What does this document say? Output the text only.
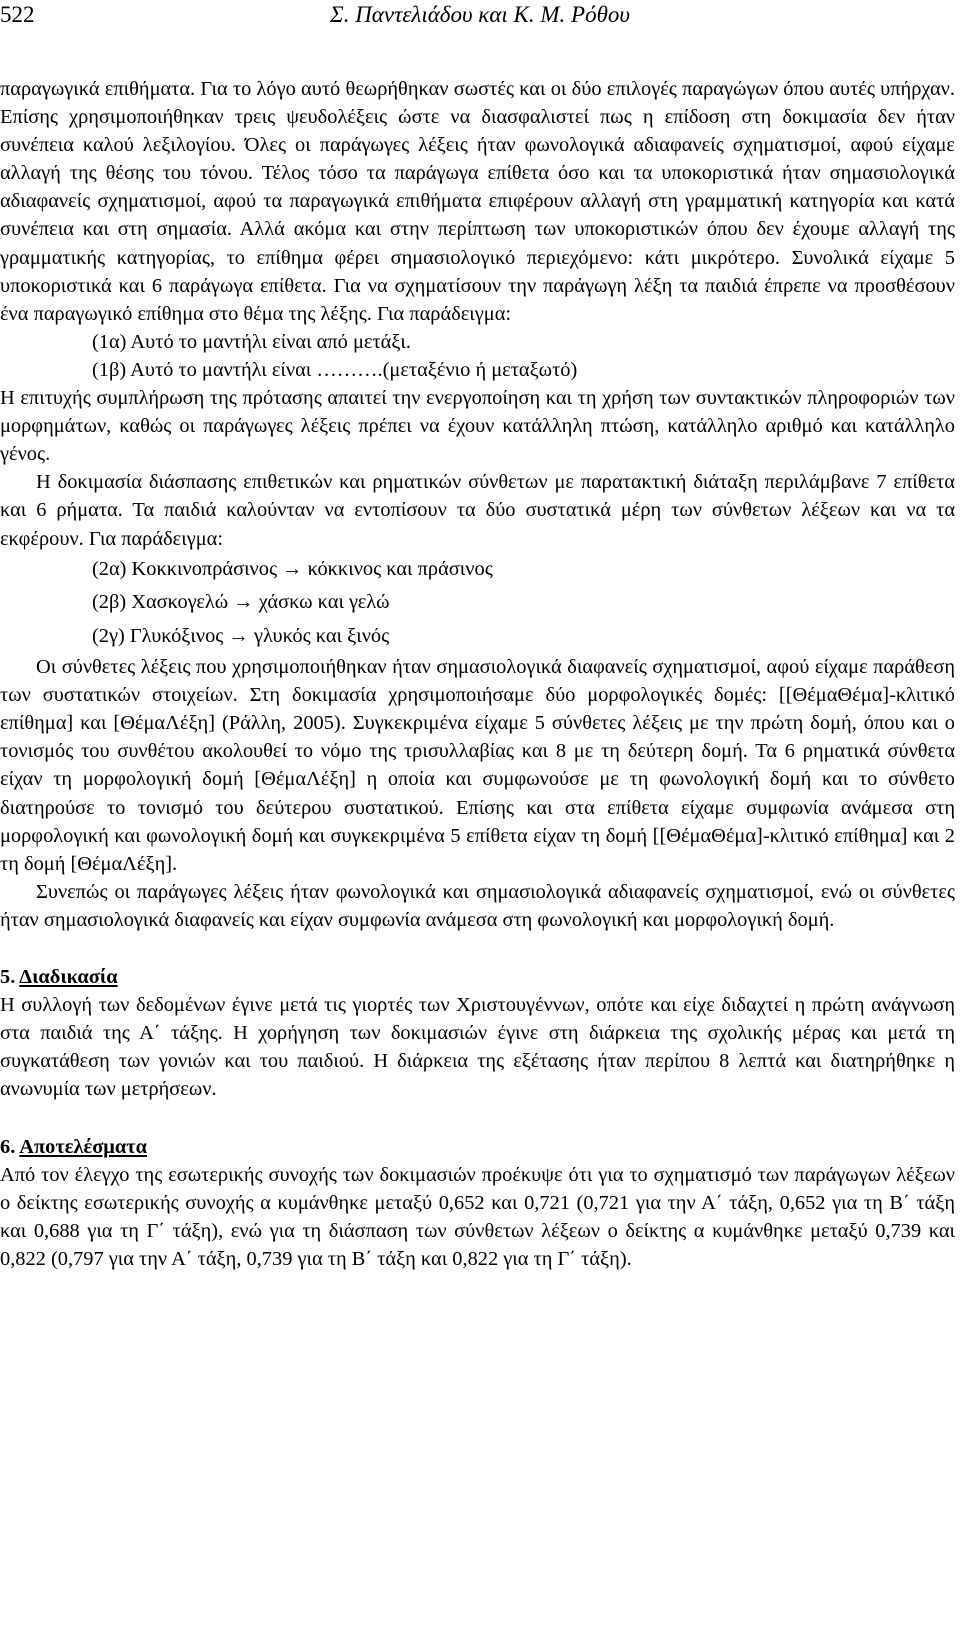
522	Σ. Παντελιάδου και Κ. Μ. Ρόθου

παραγωγικά επιθήματα. Για το λόγο αυτό θεωρήθηκαν σωστές και οι δύο επιλογές παραγώγων όπου αυτές υπήρχαν. Επίσης χρησιμοποιήθηκαν τρεις ψευδολέξεις ώστε να διασφαλιστεί πως η επίδοση στη δοκιμασία δεν ήταν συνέπεια καλού λεξιλογίου. Όλες οι παράγωγες λέξεις ήταν φωνολογικά αδιαφανείς σχηματισμοί, αφού είχαμε αλλαγή της θέσης του τόνου. Τέλος τόσο τα παράγωγα επίθετα όσο και τα υποκοριστικά ήταν σημασιολογικά αδιαφανείς σχηματισμοί, αφού τα παραγωγικά επιθήματα επιφέρουν αλλαγή στη γραμματική κατηγορία και κατά συνέπεια και στη σημασία. Αλλά ακόμα και στην περίπτωση των υποκοριστικών όπου δεν έχουμε αλλαγή της γραμματικής κατηγορίας, το επίθημα φέρει σημασιολογικό περιεχόμενο: κάτι μικρότερο. Συνολικά είχαμε 5 υποκοριστικά και 6 παράγωγα επίθετα. Για να σχηματίσουν την παράγωγη λέξη τα παιδιά έπρεπε να προσθέσουν ένα παραγωγικό επίθημα στο θέμα της λέξης. Για παράδειγμα:

(1α) Αυτό το μαντήλι είναι από μετάξι.

(1β) Αυτό το μαντήλι είναι ……….(μεταξένιο ή μεταξωτό)

Η επιτυχής συμπλήρωση της πρότασης απαιτεί την ενεργοποίηση και τη χρήση των συντακτικών πληροφοριών των μορφημάτων, καθώς οι παράγωγες λέξεις πρέπει να έχουν κατάλληλη πτώση, κατάλληλο αριθμό και κατάλληλο γένος.

Η δοκιμασία διάσπασης επιθετικών και ρηματικών σύνθετων με παρατακτική διάταξη περιλάμβανε 7 επίθετα και 6 ρήματα. Τα παιδιά καλούνταν να εντοπίσουν τα δύο συστατικά μέρη των σύνθετων λέξεων και να τα εκφέρουν. Για παράδειγμα:

(2α) Κοκκινοπράσινος → κόκκινος και πράσινος

(2β) Χασκογελώ → χάσκω και γελώ

(2γ) Γλυκόξινος → γλυκός και ξινός

Οι σύνθετες λέξεις που χρησιμοποιήθηκαν ήταν σημασιολογικά διαφανείς σχηματισμοί, αφού είχαμε παράθεση των συστατικών στοιχείων. Στη δοκιμασία χρησιμοποιήσαμε δύο μορφολογικές δομές: [[ΘέμαΘέμα]-κλιτικό επίθημα] και [ΘέμαΛέξη] (Ράλλη, 2005). Συγκεκριμένα είχαμε 5 σύνθετες λέξεις με την πρώτη δομή, όπου και ο τονισμός του συνθέτου ακολουθεί το νόμο της τρισυλλαβίας και 8 με τη δεύτερη δομή. Τα 6 ρηματικά σύνθετα είχαν τη μορφολογική δομή [ΘέμαΛέξη] η οποία και συμφωνούσε με τη φωνολογική δομή και το σύνθετο διατηρούσε το τονισμό του δεύτερου συστατικού. Επίσης και στα επίθετα είχαμε συμφωνία ανάμεσα στη μορφολογική και φωνολογική δομή και συγκεκριμένα 5 επίθετα είχαν τη δομή [[ΘέμαΘέμα]-κλιτικό επίθημα] και 2 τη δομή [ΘέμαΛέξη].

Συνεπώς οι παράγωγες λέξεις ήταν φωνολογικά και σημασιολογικά αδιαφανείς σχηματισμοί, ενώ οι σύνθετες ήταν σημασιολογικά διαφανείς και είχαν συμφωνία ανάμεσα στη φωνολογική και μορφολογική δομή.

5. Διαδικασία

Η συλλογή των δεδομένων έγινε μετά τις γιορτές των Χριστουγέννων, οπότε και είχε διδαχτεί η πρώτη ανάγνωση στα παιδιά της Α΄ τάξης. Η χορήγηση των δοκιμασιών έγινε στη διάρκεια της σχολικής μέρας και μετά τη συγκατάθεση των γονιών και του παιδιού. Η διάρκεια της εξέτασης ήταν περίπου 8 λεπτά και διατηρήθηκε η ανωνυμία των μετρήσεων.

6. Αποτελέσματα

Από τον έλεγχο της εσωτερικής συνοχής των δοκιμασιών προέκυψε ότι για το σχηματισμό των παράγωγων λέξεων ο δείκτης εσωτερικής συνοχής α κυμάνθηκε μεταξύ 0,652 και 0,721 (0,721 για την Α΄ τάξη, 0,652 για τη Β΄ τάξη και 0,688 για τη Γ΄ τάξη), ενώ για τη διάσπαση των σύνθετων λέξεων ο δείκτης α κυμάνθηκε μεταξύ 0,739 και 0,822 (0,797 για την Α΄ τάξη, 0,739 για τη Β΄ τάξη και 0,822 για τη Γ΄ τάξη).
